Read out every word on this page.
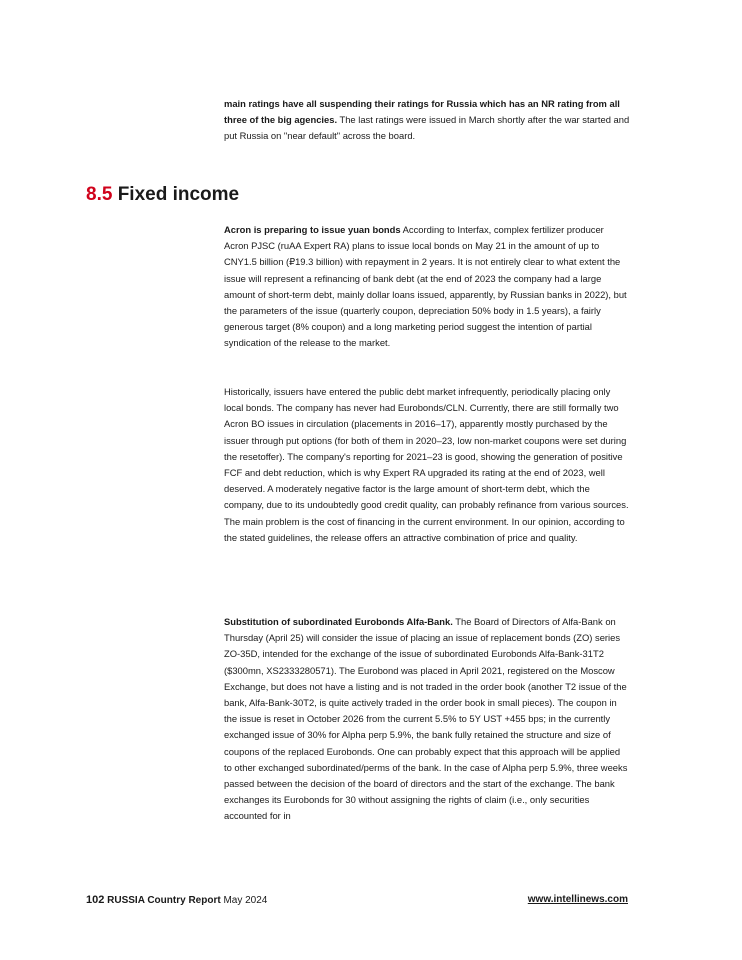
main ratings have all suspending their ratings for Russia which has an NR rating from all three of the big agencies. The last ratings were issued in March shortly after the war started and put Russia on "near default" across the board.

8.5 Fixed income

Acron is preparing to issue yuan bonds According to Interfax, complex fertilizer producer Acron PJSC (ruAA Expert RA) plans to issue local bonds on May 21 in the amount of up to CNY1.5 billion (₽19.3 billion) with repayment in 2 years. It is not entirely clear to what extent the issue will represent a refinancing of bank debt (at the end of 2023 the company had a large amount of short-term debt, mainly dollar loans issued, apparently, by Russian banks in 2022), but the parameters of the issue (quarterly coupon, depreciation 50% body in 1.5 years), a fairly generous target (8% coupon) and a long marketing period suggest the intention of partial syndication of the release to the market.

Historically, issuers have entered the public debt market infrequently, periodically placing only local bonds. The company has never had Eurobonds/CLN. Currently, there are still formally two Acron BO issues in circulation (placements in 2016–17), apparently mostly purchased by the issuer through put options (for both of them in 2020–23, low non-market coupons were set during the resetoffer). The company's reporting for 2021–23 is good, showing the generation of positive FCF and debt reduction, which is why Expert RA upgraded its rating at the end of 2023, well deserved. A moderately negative factor is the large amount of short-term debt, which the company, due to its undoubtedly good credit quality, can probably refinance from various sources. The main problem is the cost of financing in the current environment. In our opinion, according to the stated guidelines, the release offers an attractive combination of price and quality.

Substitution of subordinated Eurobonds Alfa-Bank. The Board of Directors of Alfa-Bank on Thursday (April 25) will consider the issue of placing an issue of replacement bonds (ZO) series ZO-35D, intended for the exchange of the issue of subordinated Eurobonds Alfa-Bank-31T2 ($300mn, XS2333280571). The Eurobond was placed in April 2021, registered on the Moscow Exchange, but does not have a listing and is not traded in the order book (another T2 issue of the bank, Alfa-Bank-30T2, is quite actively traded in the order book in small pieces). The coupon in the issue is reset in October 2026 from the current 5.5% to 5Y UST +455 bps; in the currently exchanged issue of 30% for Alpha perp 5.9%, the bank fully retained the structure and size of coupons of the replaced Eurobonds. One can probably expect that this approach will be applied to other exchanged subordinated/perms of the bank. In the case of Alpha perp 5.9%, three weeks passed between the decision of the board of directors and the start of the exchange. The bank exchanges its Eurobonds for 30 without assigning the rights of claim (i.e., only securities accounted for in

102 RUSSIA Country Report May 2024	www.intellinews.com
